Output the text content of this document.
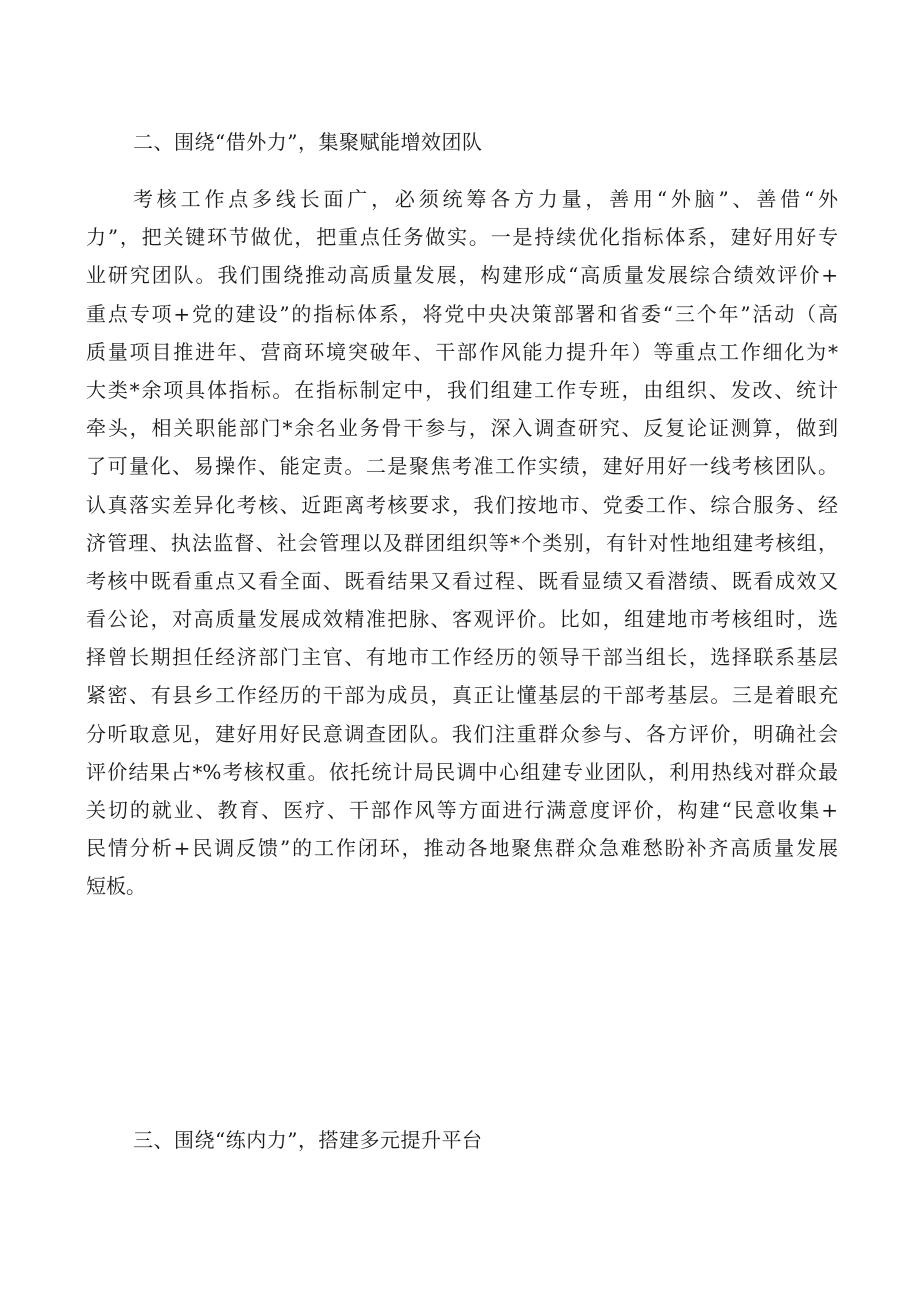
二、围绕“借外力”，集聚赋能增效团队
考核工作点多线长面广，必须统筹各方力量，善用“外脑”、善借“外
力”，把关键环节做优，把重点任务做实。一是持续优化指标体系，建好用好专
业研究团队。我们围绕推动高质量发展，构建形成“高质量发展综合绩效评价+
重点专项+党的建设”的指标体系，将党中央决策部署和省委“三个年”活动（高
质量项目推进年、营商环境突破年、干部作风能力提升年）等重点工作细化为*
大类*余项具体指标。在指标制定中，我们组建工作专班，由组织、发改、统计
牵头，相关职能部门*余名业务骨干参与，深入调查研究、反复论证测算，做到
了可量化、易操作、能定责。二是聚焦考准工作实绩，建好用好一线考核团队。
认真落实差异化考核、近距离考核要求，我们按地市、党委工作、综合服务、经
济管理、执法监督、社会管理以及群团组织等*个类别，有针对性地组建考核组，
考核中既看重点又看全面、既看结果又看过程、既看显绩又看潜绩、既看成效又
看公论，对高质量发展成效精准把脉、客观评价。比如，组建地市考核组时，选
择曾长期担任经济部门主官、有地市工作经历的领导干部当组长，选择联系基层
紧密、有县乡工作经历的干部为成员，真正让懂基层的干部考基层。三是着眼充
分听取意见，建好用好民意调查团队。我们注重群众参与、各方评价，明确社会
评价结果占*%考核权重。依托统计局民调中心组建专业团队，利用热线对群众最
关切的就业、教育、医疗、干部作风等方面进行满意度评价，构建“民意收集+
民情分析+民调反馈”的工作闭环，推动各地聚焦群众急难愁盼补齐高质量发展
短板。
三、围绕“练内力”，搭建多元提升平台
